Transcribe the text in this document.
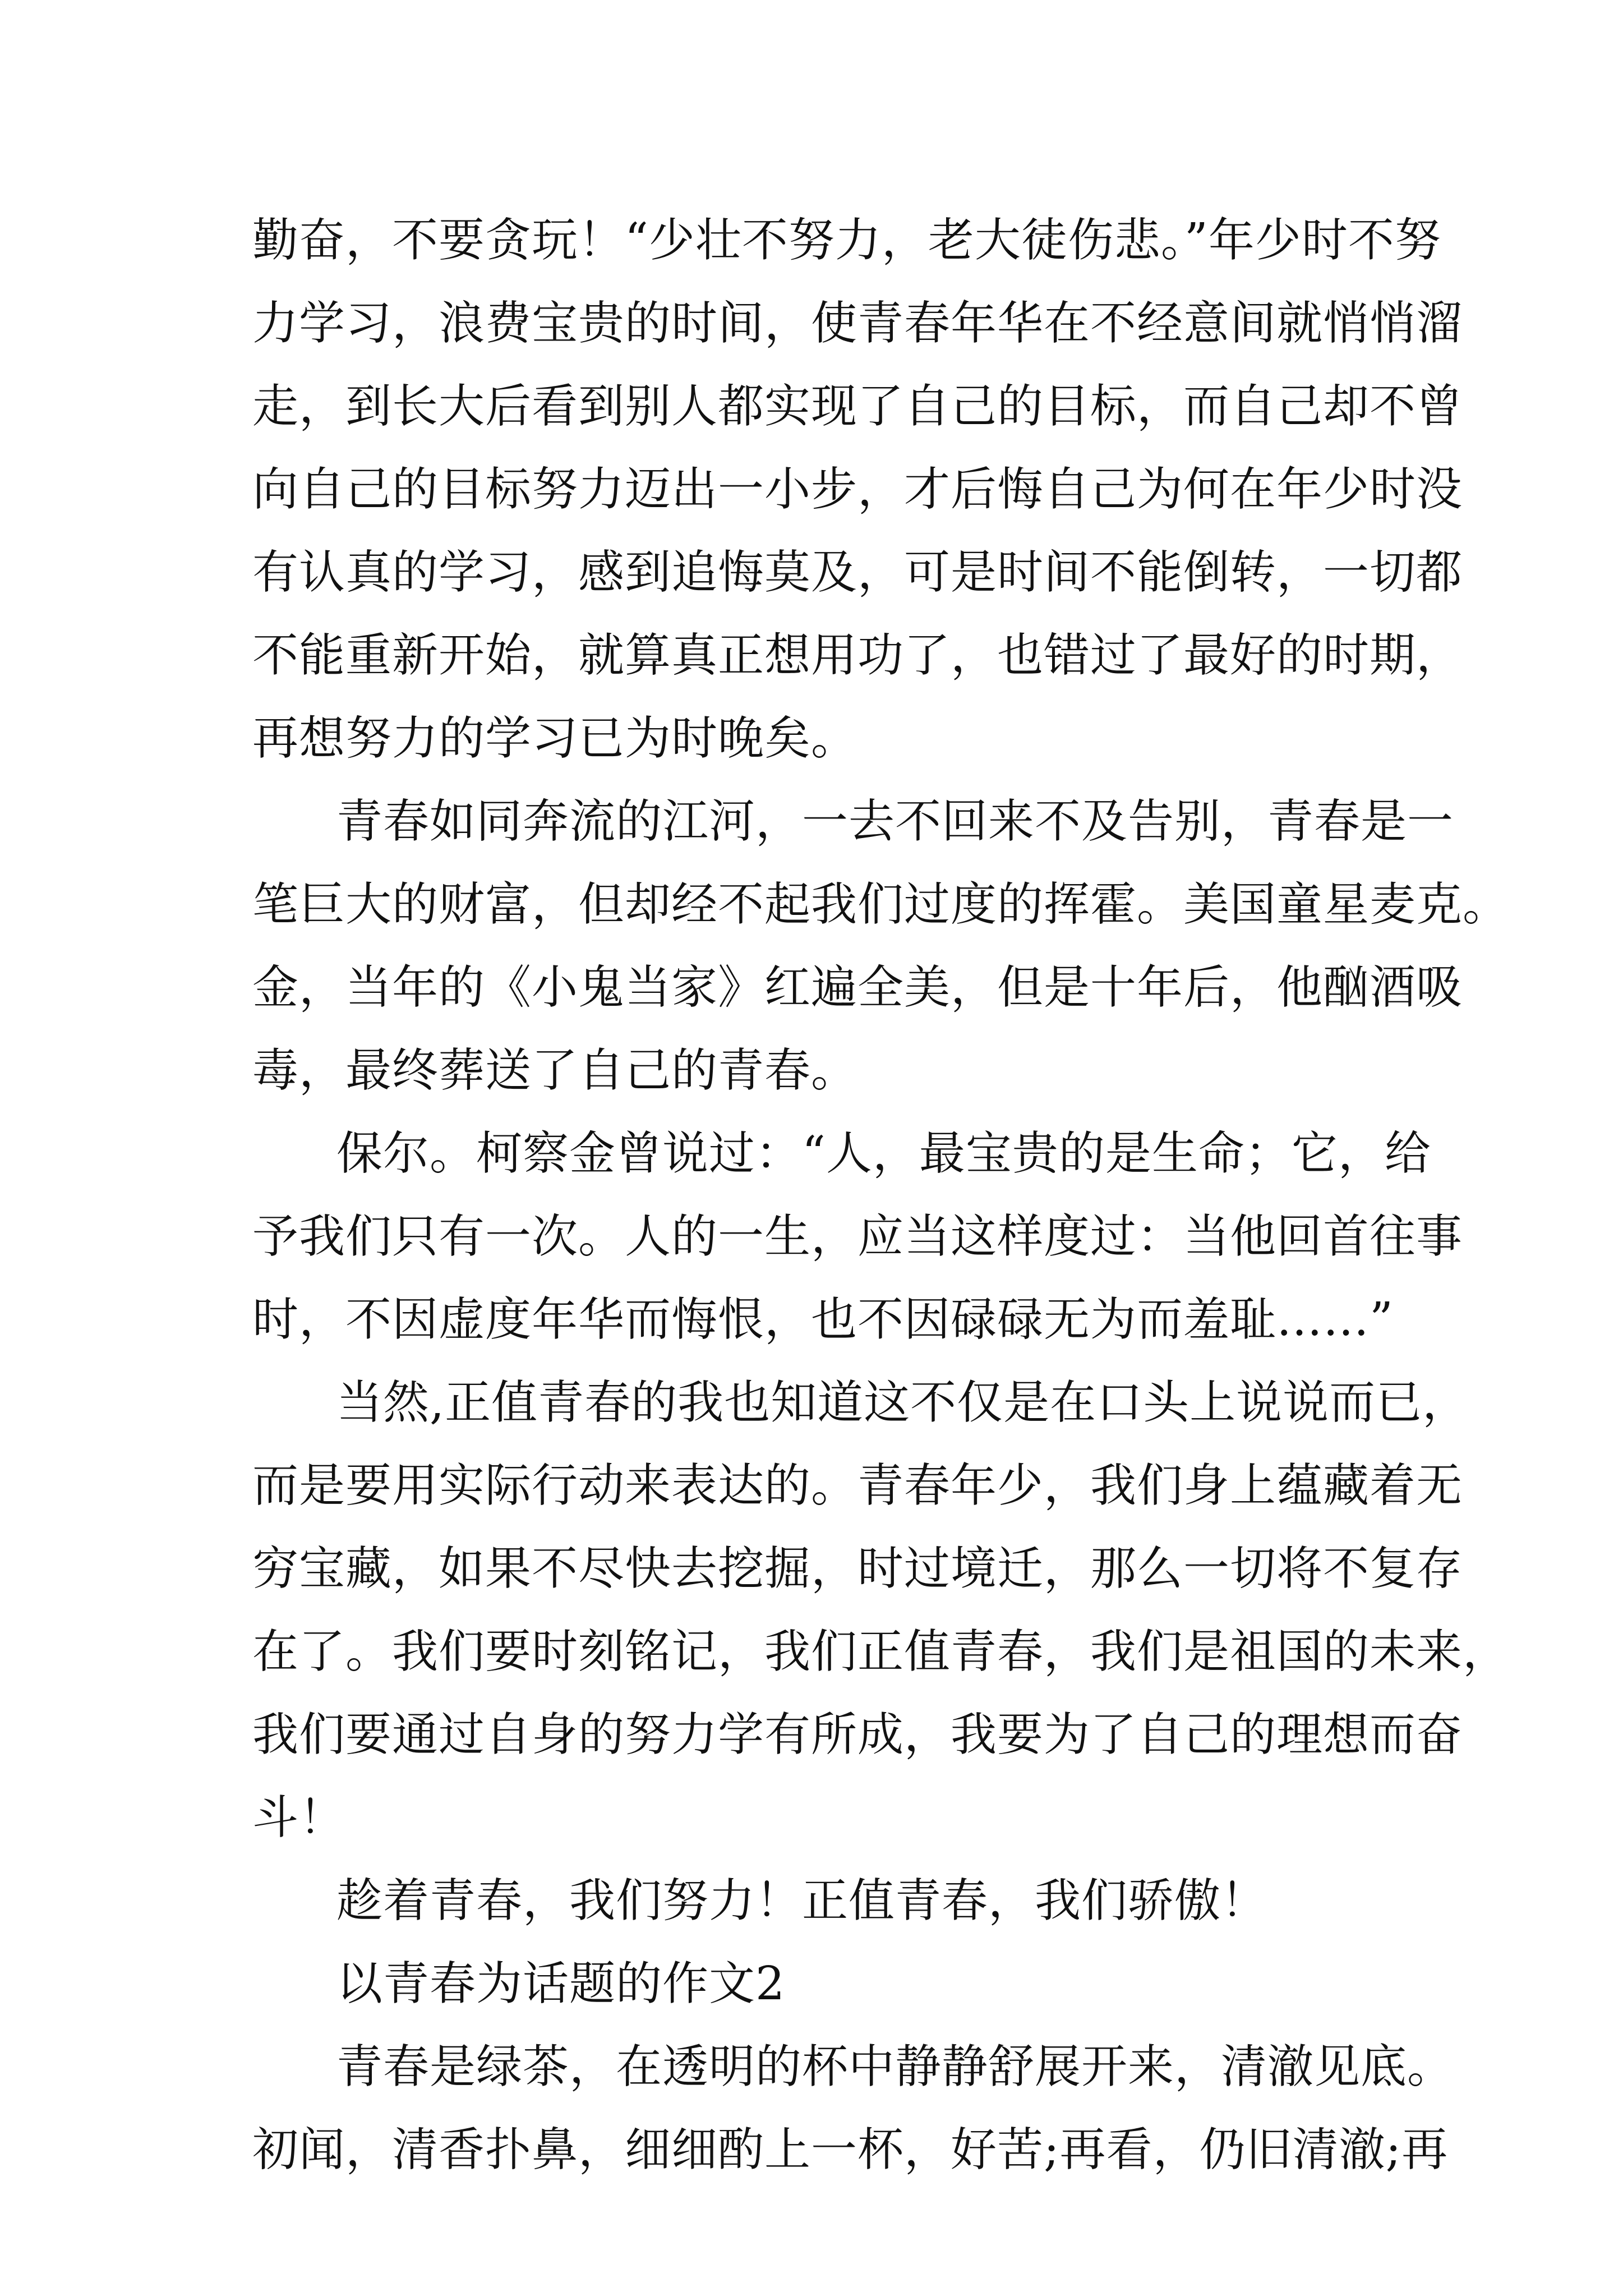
勤奋，不要贪玩！“少壮不努力，老大徒伤悲。”年少时不努
力学习，浪费宝贵的时间，使青春年华在不经意间就悄悄溜
走，到长大后看到别人都实现了自己的目标，而自己却不曾
向自己的目标努力迈出一小步，才后悔自己为何在年少时没
有认真的学习，感到追悔莫及，可是时间不能倒转，一切都
不能重新开始，就算真正想用功了，也错过了最好的时期，
再想努力的学习已为时晚矣。
青春如同奔流的江河，一去不回来不及告别，青春是一
笔巨大的财富，但却经不起我们过度的挥霍。美国童星麦克。
金，当年的《小鬼当家》红遍全美，但是十年后，他酗酒吸
毒，最终葬送了自己的青春。
保尔。柯察金曾说过：“人，最宝贵的是生命；它，给
予我们只有一次。人的一生，应当这样度过：当他回首往事
时，不因虚度年华而悔恨，也不因碌碌无为而羞耻……”
当然,正值青春的我也知道这不仅是在口头上说说而已，
而是要用实际行动来表达的。青春年少，我们身上蕴藏着无
穷宝藏，如果不尽快去挖掘，时过境迁，那么一切将不复存
在了。我们要时刻铭记，我们正值青春，我们是祖国的未来，
我们要通过自身的努力学有所成，我要为了自己的理想而奋
斗！
趁着青春，我们努力！正值青春，我们骄傲！
以青春为话题的作文2
青春是绿茶，在透明的杯中静静舒展开来，清澈见底。
初闻，清香扑鼻，细细酌上一杯，好苦;再看，仍旧清澈;再
